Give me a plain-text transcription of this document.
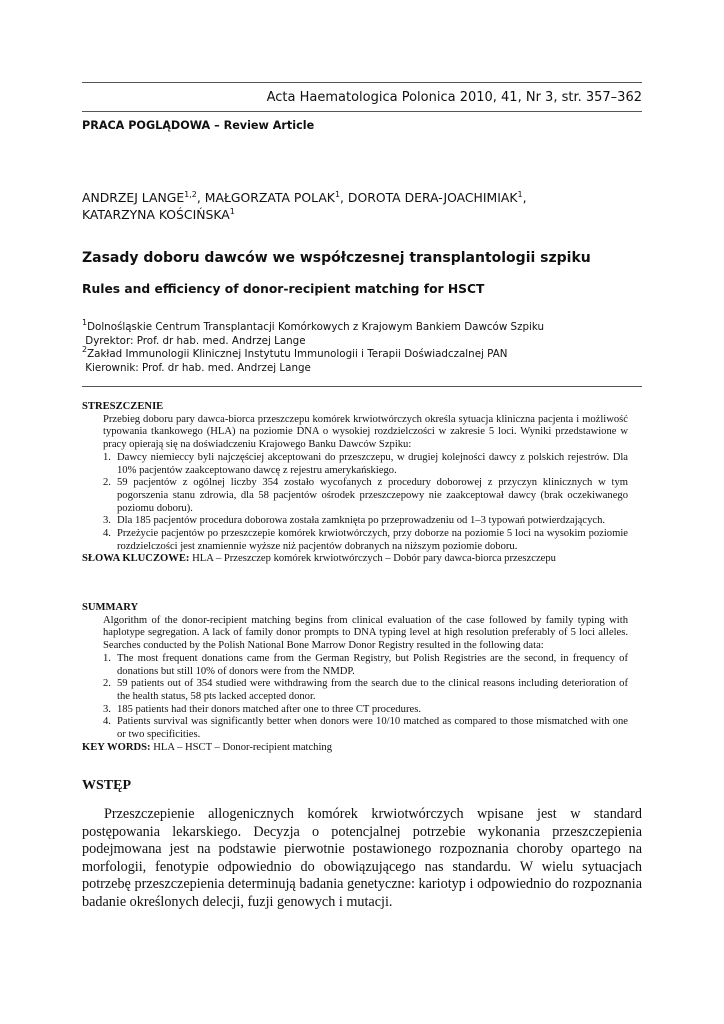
Acta Haematologica Polonica 2010, 41, Nr 3, str. 357–362
PRACA POGLĄDOWA – Review Article
ANDRZEJ LANGE$^{1,2}$, MAŁGORZATA POLAK$^1$, DOROTA DERA-JOACHIMIAK$^1$,
KATARZYNA KOŚCIŃSKA$^1$
Zasady doboru dawców we współczesnej transplantologii szpiku
Rules and efficiency of donor-recipient matching for HSCT
$^1$Dolnośląskie Centrum Transplantacji Komórkowych z Krajowym Bankiem Dawców Szpiku
Dyrektor: Prof. dr hab. med. Andrzej Lange
$^2$Zakład Immunologii Klinicznej Instytutu Immunologii i Terapii Doświadczalnej PAN
Kierownik: Prof. dr hab. med. Andrzej Lange
STRESZCZENIE
Przebieg doboru pary dawca-biorca przeszczepu komórek krwiotwórczych określa sytuacja kliniczna pacjenta i możliwość typowania tkankowego (HLA) na poziomie DNA o wysokiej rozdzielczości w zakresie 5 loci. Wyniki przedstawione w pracy opierają się na doświadczeniu Krajowego Banku Dawców Szpiku:
1. Dawcy niemieccy byli najczęściej akceptowani do przeszczepu, w drugiej kolejności dawcy z polskich rejestrów. Dla 10% pacjentów zaakceptowano dawcę z rejestru amerykańskiego.
2. 59 pacjentów z ogólnej liczby 354 zostało wycofanych z procedury doborowej z przyczyn klinicznych w tym pogorszenia stanu zdrowia, dla 58 pacjentów ośrodek przeszczepowy nie zaakceptował dawcy (brak oczekiwanego poziomu doboru).
3. Dla 185 pacjentów procedura doborowa została zamknięta po przeprowadzeniu od 1–3 typowań potwierdzających.
4. Przeżycie pacjentów po przeszczepie komórek krwiotwórczych, przy doborze na poziomie 5 loci na wysokim poziomie rozdzielczości jest znamiennie wyższe niż pacjentów dobranych na niższym poziomie doboru.
SŁOWA KLUCZOWE: HLA – Przeszczep komórek krwiotwórczych – Dobór pary dawca-biorca przeszczepu
SUMMARY
Algorithm of the donor-recipient matching begins from clinical evaluation of the case followed by family typing with haplotype segregation. A lack of family donor prompts to DNA typing level at high resolution preferably of 5 loci alleles. Searches conducted by the Polish National Bone Marrow Donor Registry resulted in the following data:
1. The most frequent donations came from the German Registry, but Polish Registries are the second, in frequency of donations but still 10% of donors were from the NMDP.
2. 59 patients out of 354 studied were withdrawing from the search due to the clinical reasons including deterioration of the health status, 58 pts lacked accepted donor.
3. 185 patients had their donors matched after one to three CT procedures.
4. Patients survival was significantly better when donors were 10/10 matched as compared to those mismatched with one or two specificities.
KEY WORDS: HLA – HSCT – Donor-recipient matching
WSTĘP
Przeszczepienie allogenicznych komórek krwiotwórczych wpisane jest w standard postępowania lekarskiego. Decyzja o potencjalnej potrzebie wykonania przeszczepienia podejmowana jest na podstawie pierwotnie postawionego rozpoznania choroby opartego na morfologii, fenotypie odpowiednio do obowiązującego nas standardu. W wielu sytuacjach potrzebę przeszczepienia determinują badania genetyczne: kariotyp i odpowiednio do rozpoznania badanie określonych delecji, fuzji genowych i mutacji.
